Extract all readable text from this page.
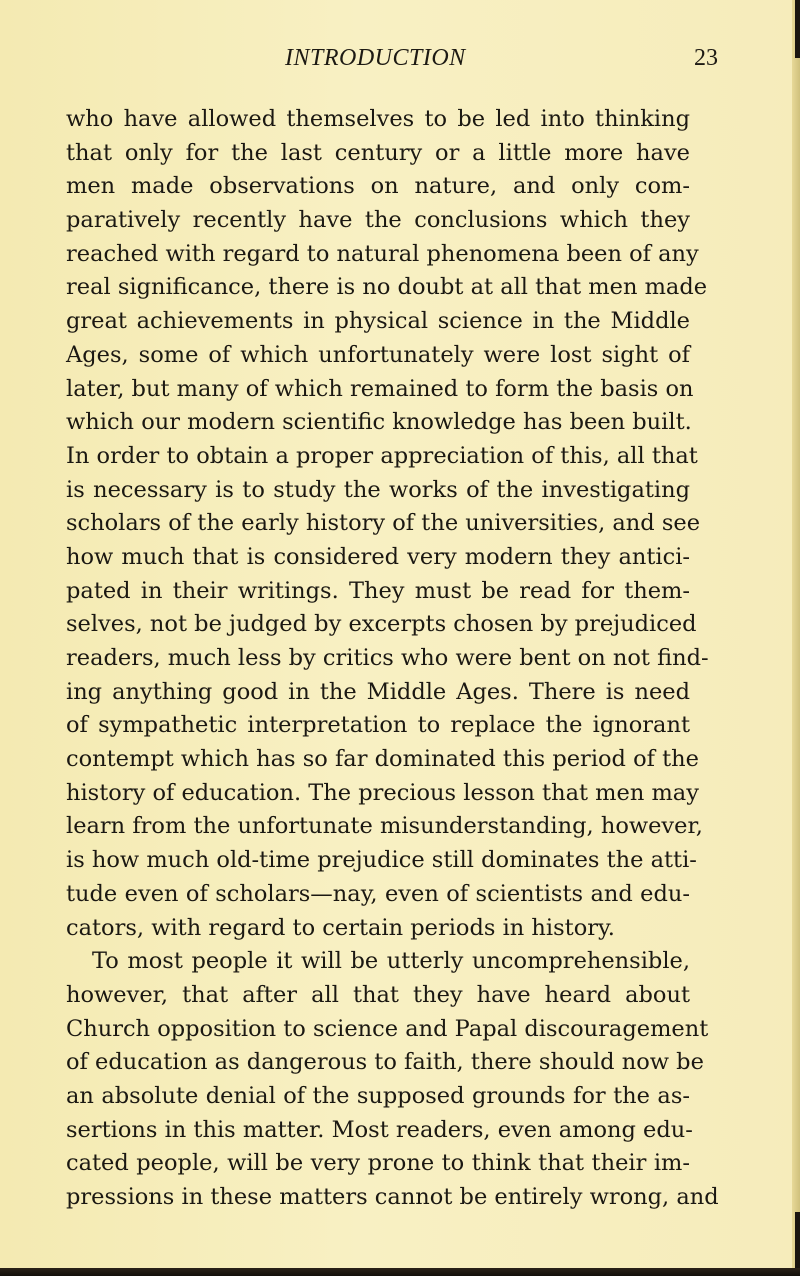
INTRODUCTION	23
who have allowed themselves to be led into thinking
that only for the last century or a little more have
men made observations on nature, and only com-
paratively recently have the conclusions which they
reached with regard to natural phenomena been of any
real significance, there is no doubt at all that men made
great achievements in physical science in the Middle
Ages, some of which unfortunately were lost sight of
later, but many of which remained to form the basis on
which our modern scientific knowledge has been built.
In order to obtain a proper appreciation of this, all that
is necessary is to study the works of the investigating
scholars of the early history of the universities, and see
how much that is considered very modern they antici-
pated in their writings. They must be read for them-
selves, not be judged by excerpts chosen by prejudiced
readers, much less by critics who were bent on not find-
ing anything good in the Middle Ages. There is need
of sympathetic interpretation to replace the ignorant
contempt which has so far dominated this period of the
history of education. The precious lesson that men may
learn from the unfortunate misunderstanding, however,
is how much old-time prejudice still dominates the atti-
tude even of scholars—nay, even of scientists and edu-
cators, with regard to certain periods in history.
To most people it will be utterly uncomprehensible,
however, that after all that they have heard about
Church opposition to science and Papal discouragement
of education as dangerous to faith, there should now be
an absolute denial of the supposed grounds for the as-
sertions in this matter. Most readers, even among edu-
cated people, will be very prone to think that their im-
pressions in these matters cannot be entirely wrong, and
